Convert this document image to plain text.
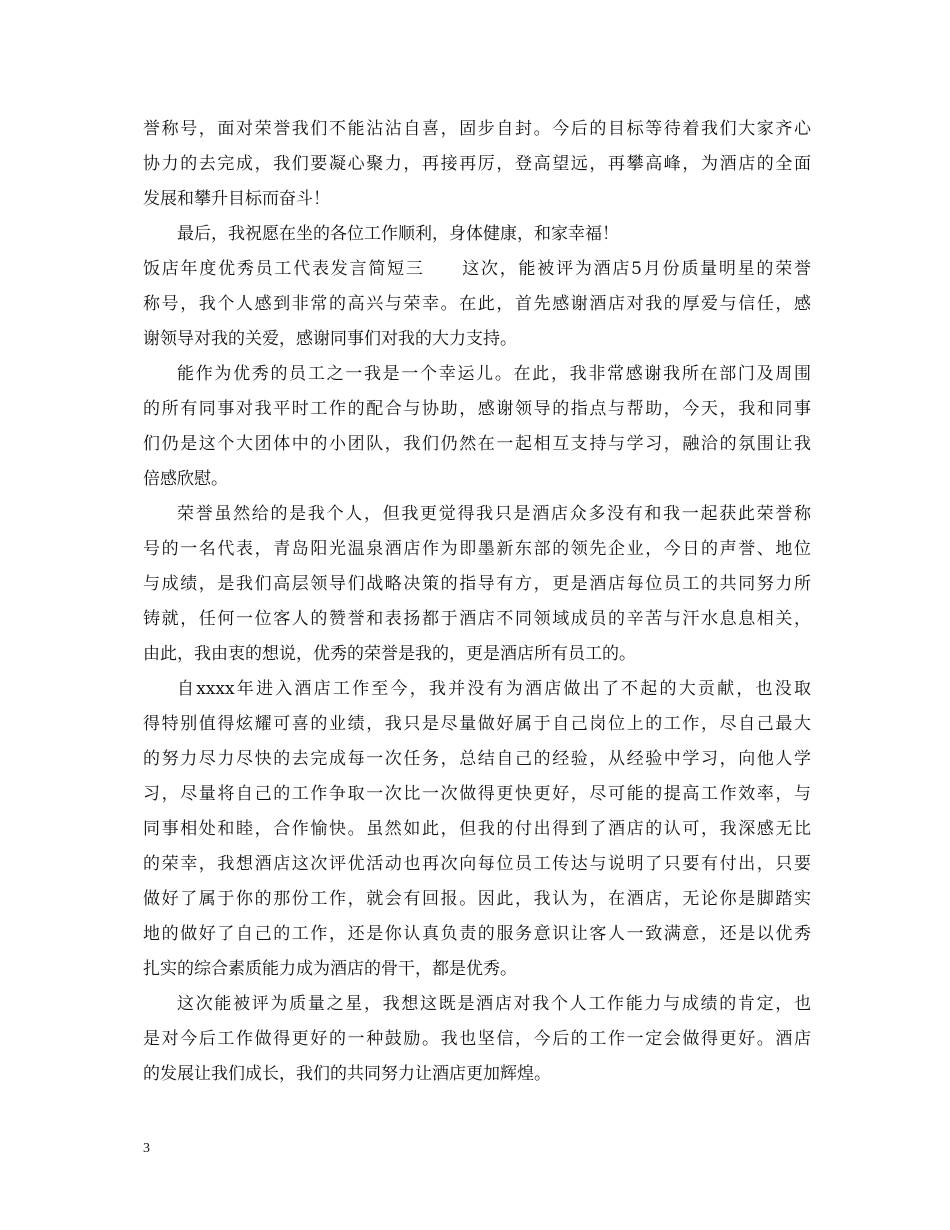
誉称号，面对荣誉我们不能沾沾自喜，固步自封。今后的目标等待着我们大家齐心
协力的去完成，我们要凝心聚力，再接再厉，登高望远，再攀高峰，为酒店的全面
发展和攀升目标而奋斗！
最后，我祝愿在坐的各位工作顺利，身体健康，和家幸福！
饭店年度优秀员工代表发言简短三　　这次，能被评为酒店5月份质量明星的荣誉
称号，我个人感到非常的高兴与荣幸。在此，首先感谢酒店对我的厚爱与信任，感
谢领导对我的关爱，感谢同事们对我的大力支持。
能作为优秀的员工之一我是一个幸运儿。在此，我非常感谢我所在部门及周围
的所有同事对我平时工作的配合与协助，感谢领导的指点与帮助，今天，我和同事
们仍是这个大团体中的小团队，我们仍然在一起相互支持与学习，融洽的氛围让我
倍感欣慰。
荣誉虽然给的是我个人，但我更觉得我只是酒店众多没有和我一起获此荣誉称
号的一名代表，青岛阳光温泉酒店作为即墨新东部的领先企业，今日的声誉、地位
与成绩，是我们高层领导们战略决策的指导有方，更是酒店每位员工的共同努力所
铸就，任何一位客人的赞誉和表扬都于酒店不同领域成员的辛苦与汗水息息相关，
由此，我由衷的想说，优秀的荣誉是我的，更是酒店所有员工的。
自xxxx年进入酒店工作至今，我并没有为酒店做出了不起的大贡献，也没取
得特别值得炫耀可喜的业绩，我只是尽量做好属于自己岗位上的工作，尽自己最大
的努力尽力尽快的去完成每一次任务，总结自己的经验，从经验中学习，向他人学
习，尽量将自己的工作争取一次比一次做得更快更好，尽可能的提高工作效率，与
同事相处和睦，合作愉快。虽然如此，但我的付出得到了酒店的认可，我深感无比
的荣幸，我想酒店这次评优活动也再次向每位员工传达与说明了只要有付出，只要
做好了属于你的那份工作，就会有回报。因此，我认为，在酒店，无论你是脚踏实
地的做好了自己的工作，还是你认真负责的服务意识让客人一致满意，还是以优秀
扎实的综合素质能力成为酒店的骨干，都是优秀。
这次能被评为质量之星，我想这既是酒店对我个人工作能力与成绩的肯定，也
是对今后工作做得更好的一种鼓励。我也坚信，今后的工作一定会做得更好。酒店
的发展让我们成长，我们的共同努力让酒店更加辉煌。
3
